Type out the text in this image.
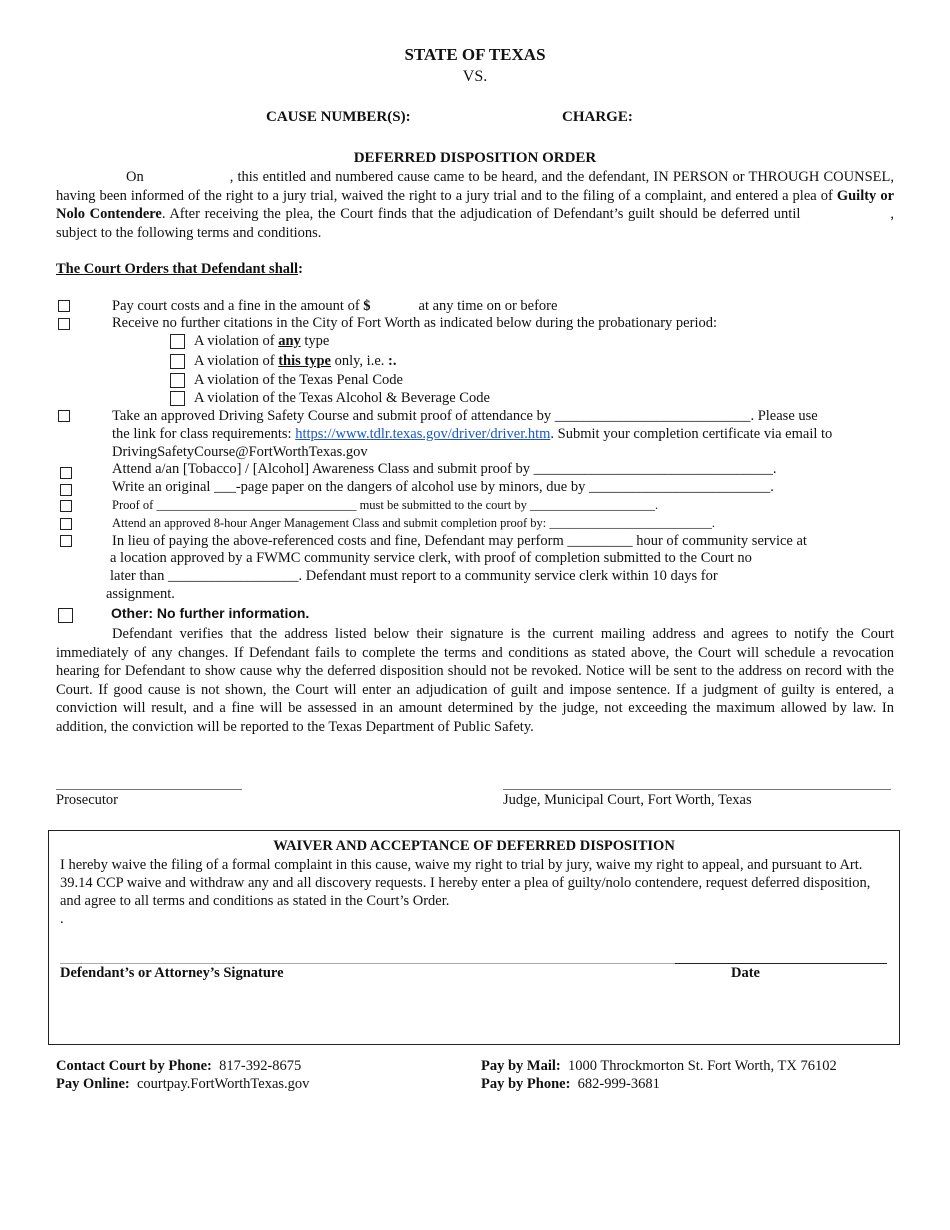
STATE OF TEXAS
VS.
CAUSE NUMBER(S):	CHARGE:
DEFERRED DISPOSITION ORDER
On	, this entitled and numbered cause came to be heard, and the defendant, IN PERSON or THROUGH COUNSEL, having been informed of the right to a jury trial, waived the right to a jury trial and to the filing of a complaint, and entered a plea of Guilty or Nolo Contendere. After receiving the plea, the Court finds that the adjudication of Defendant’s guilt should be deferred until	, subject to the following terms and conditions.
The Court Orders that Defendant shall:
Pay court costs and a fine in the amount of $	at any time on or before
Receive no further citations in the City of Fort Worth as indicated below during the probationary period:
A violation of any type
A violation of this type only, i.e. :.
A violation of the Texas Penal Code
A violation of the Texas Alcohol & Beverage Code
Take an approved Driving Safety Course and submit proof of attendance by ___________________________. Please use
the link for class requirements: https://www.tdlr.texas.gov/driver/driver.htm. Submit your completion certificate via email to
DrivingSafetyCourse@FortWorthTexas.gov
Attend a/an [Tobacco] / [Alcohol] Awareness Class and submit proof by _________________________________.
Write an original ___-page paper on the dangers of alcohol use by minors, due by _________________________.
Proof of ________________________________ must be submitted to the court by ____________________.
Attend an approved 8-hour Anger Management Class and submit completion proof by: __________________________.
In lieu of paying the above-referenced costs and fine, Defendant may perform _________ hour of community service at
a location approved by a FWMC community service clerk, with proof of completion submitted to the Court no
later than __________________. Defendant must report to a community service clerk within 10 days for
assignment.
Other: No further information.
Defendant verifies that the address listed below their signature is the current mailing address and agrees to notify the Court immediately of any changes. If Defendant fails to complete the terms and conditions as stated above, the Court will schedule a revocation hearing for Defendant to show cause why the deferred disposition should not be revoked. Notice will be sent to the address on record with the Court. If good cause is not shown, the Court will enter an adjudication of guilt and impose sentence. If a judgment of guilty is entered, a conviction will result, and a fine will be assessed in an amount determined by the judge, not exceeding the maximum allowed by law. In addition, the conviction will be reported to the Texas Department of Public Safety.
Prosecutor	Judge, Municipal Court, Fort Worth, Texas
WAIVER AND ACCEPTANCE OF DEFERRED DISPOSITION
I hereby waive the filing of a formal complaint in this cause, waive my right to trial by jury, waive my right to appeal, and pursuant to Art. 39.14 CCP waive and withdraw any and all discovery requests. I hereby enter a plea of guilty/nolo contendere, request deferred disposition, and agree to all terms and conditions as stated in the Court’s Order.
.
Defendant’s or Attorney’s Signature	Date
Contact Court by Phone: 817-392-8675
Pay Online: courtpay.FortWorthTexas.gov
Pay by Mail: 1000 Throckmorton St. Fort Worth, TX 76102
Pay by Phone: 682-999-3681
